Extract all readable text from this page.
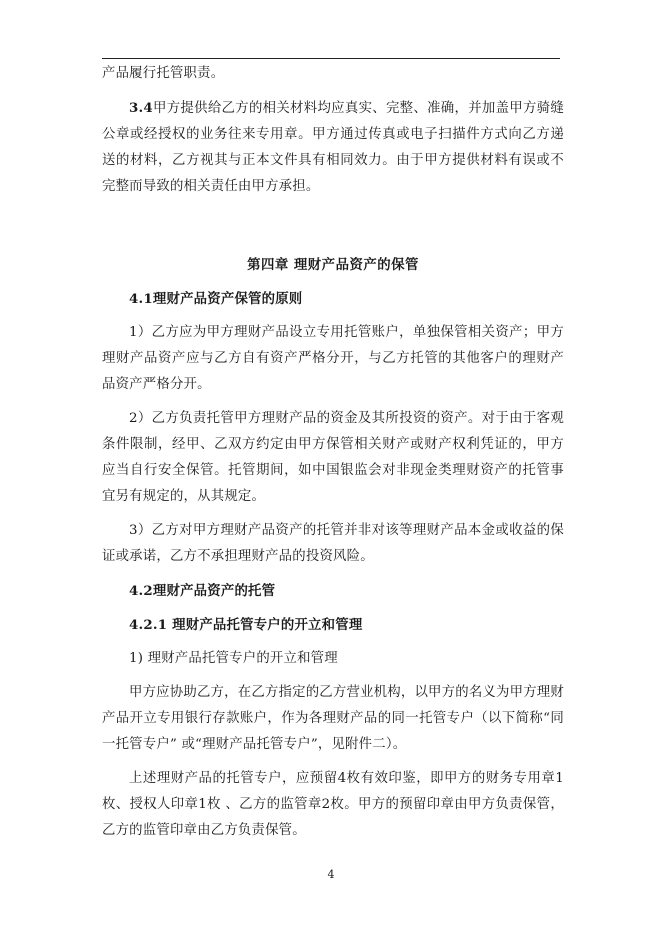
产品履行托管职责。

3.4甲方提供给乙方的相关材料均应真实、完整、准确，并加盖甲方骑缝公章或经授权的业务往来专用章。甲方通过传真或电子扫描件方式向乙方递送的材料，乙方视其与正本文件具有相同效力。由于甲方提供材料有误或不完整而导致的相关责任由甲方承担。

第四章 理财产品资产的保管

4.1理财产品资产保管的原则

1）乙方应为甲方理财产品设立专用托管账户，单独保管相关资产；甲方理财产品资产应与乙方自有资产严格分开，与乙方托管的其他客户的理财产品资产严格分开。

2）乙方负责托管甲方理财产品的资金及其所投资的资产。对于由于客观条件限制，经甲、乙双方约定由甲方保管相关财产或财产权利凭证的，甲方应当自行安全保管。托管期间，如中国银监会对非现金类理财资产的托管事宜另有规定的，从其规定。

3）乙方对甲方理财产品资产的托管并非对该等理财产品本金或收益的保证或承诺，乙方不承担理财产品的投资风险。

4.2理财产品资产的托管

4.2.1 理财产品托管专户的开立和管理

1) 理财产品托管专户的开立和管理

甲方应协助乙方，在乙方指定的乙方营业机构，以甲方的名义为甲方理财产品开立专用银行存款账户，作为各理财产品的同一托管专户（以下简称“同一托管专户” 或“理财产品托管专户”，见附件二）。

上述理财产品的托管专户，应预留4枚有效印鉴，即甲方的财务专用章1枚、授权人印章1枚 、乙方的监管章2枚。甲方的预留印章由甲方负责保管，乙方的监管印章由乙方负责保管。

4
